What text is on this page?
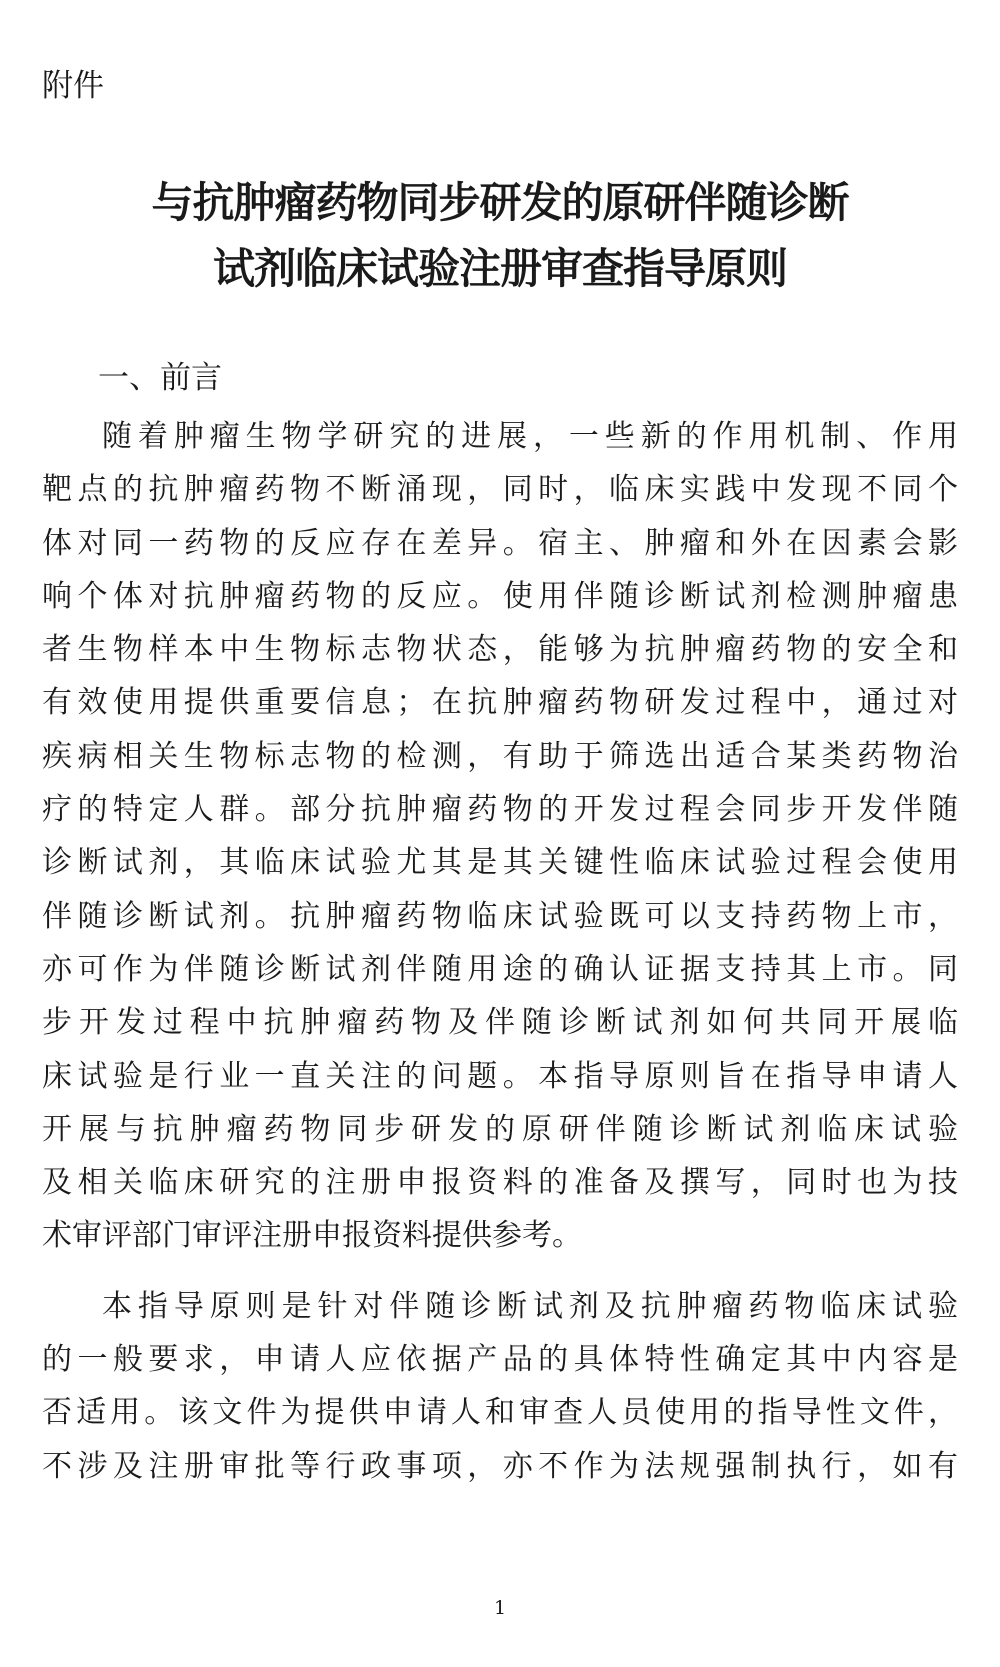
附件
与抗肿瘤药物同步研发的原研伴随诊断
试剂临床试验注册审查指导原则
一、前言
随着肿瘤生物学研究的进展，一些新的作用机制、作用
靶点的抗肿瘤药物不断涌现，同时，临床实践中发现不同个
体对同一药物的反应存在差异。宿主、肿瘤和外在因素会影
响个体对抗肿瘤药物的反应。使用伴随诊断试剂检测肿瘤患
者生物样本中生物标志物状态，能够为抗肿瘤药物的安全和
有效使用提供重要信息；在抗肿瘤药物研发过程中，通过对
疾病相关生物标志物的检测，有助于筛选出适合某类药物治
疗的特定人群。部分抗肿瘤药物的开发过程会同步开发伴随
诊断试剂，其临床试验尤其是其关键性临床试验过程会使用
伴随诊断试剂。抗肿瘤药物临床试验既可以支持药物上市，
亦可作为伴随诊断试剂伴随用途的确认证据支持其上市。同
步开发过程中抗肿瘤药物及伴随诊断试剂如何共同开展临
床试验是行业一直关注的问题。本指导原则旨在指导申请人
开展与抗肿瘤药物同步研发的原研伴随诊断试剂临床试验
及相关临床研究的注册申报资料的准备及撰写，同时也为技
术审评部门审评注册申报资料提供参考。
本指导原则是针对伴随诊断试剂及抗肿瘤药物临床试验
的一般要求，申请人应依据产品的具体特性确定其中内容是
否适用。该文件为提供申请人和审查人员使用的指导性文件，
不涉及注册审批等行政事项，亦不作为法规强制执行，如有
1
